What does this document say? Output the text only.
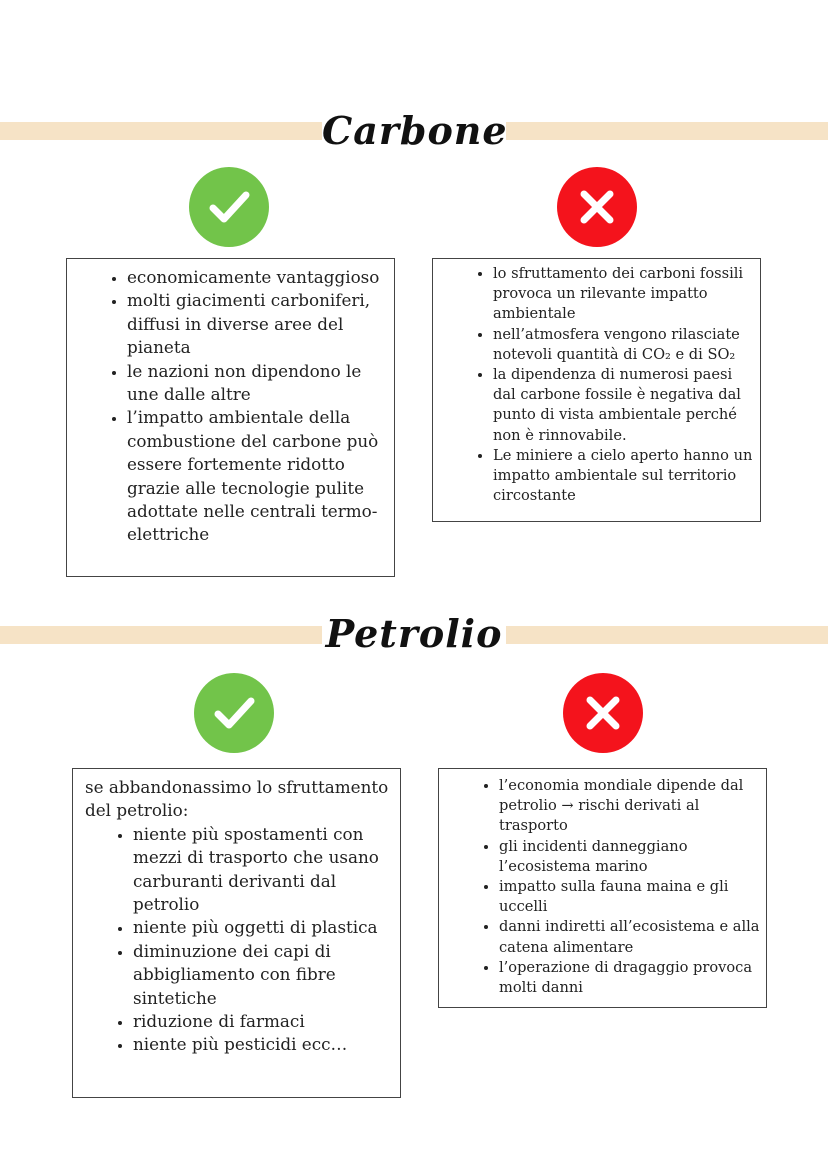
Carbone
• economicamente vantaggioso
• molti giacimenti carboniferi, diffusi in diverse aree del pianeta
• le nazioni non dipendono le une dalle altre
• l’impatto ambientale della combustione del carbone può essere fortemente ridotto grazie alle tecnologie pulite adottate nelle centrali termo-elettriche
• lo sfruttamento dei carboni fossili provoca un rilevante impatto ambientale
• nell’atmosfera vengono rilasciate notevoli quantità di CO₂ e di SO₂
• la dipendenza di numerosi paesi dal carbone fossile è negativa dal punto di vista ambientale perché non è rinnovabile.
• Le miniere a cielo aperto hanno un impatto ambientale sul territorio circostante
Petrolio
se abbandonassimo lo sfruttamento del petrolio:
• niente più spostamenti con mezzi di trasporto che usano carburanti derivanti dal petrolio
• niente più oggetti di plastica
• diminuzione dei capi di abbigliamento con fibre sintetiche
• riduzione di farmaci
• niente più pesticidi ecc…
• l’economia mondiale dipende dal petrolio → rischi derivati al trasporto
• gli incidenti danneggiano l’ecosistema marino
• impatto sulla fauna maina e gli uccelli
• danni indiretti all’ecosistema e alla catena alimentare
• l’operazione di dragaggio provoca molti danni
